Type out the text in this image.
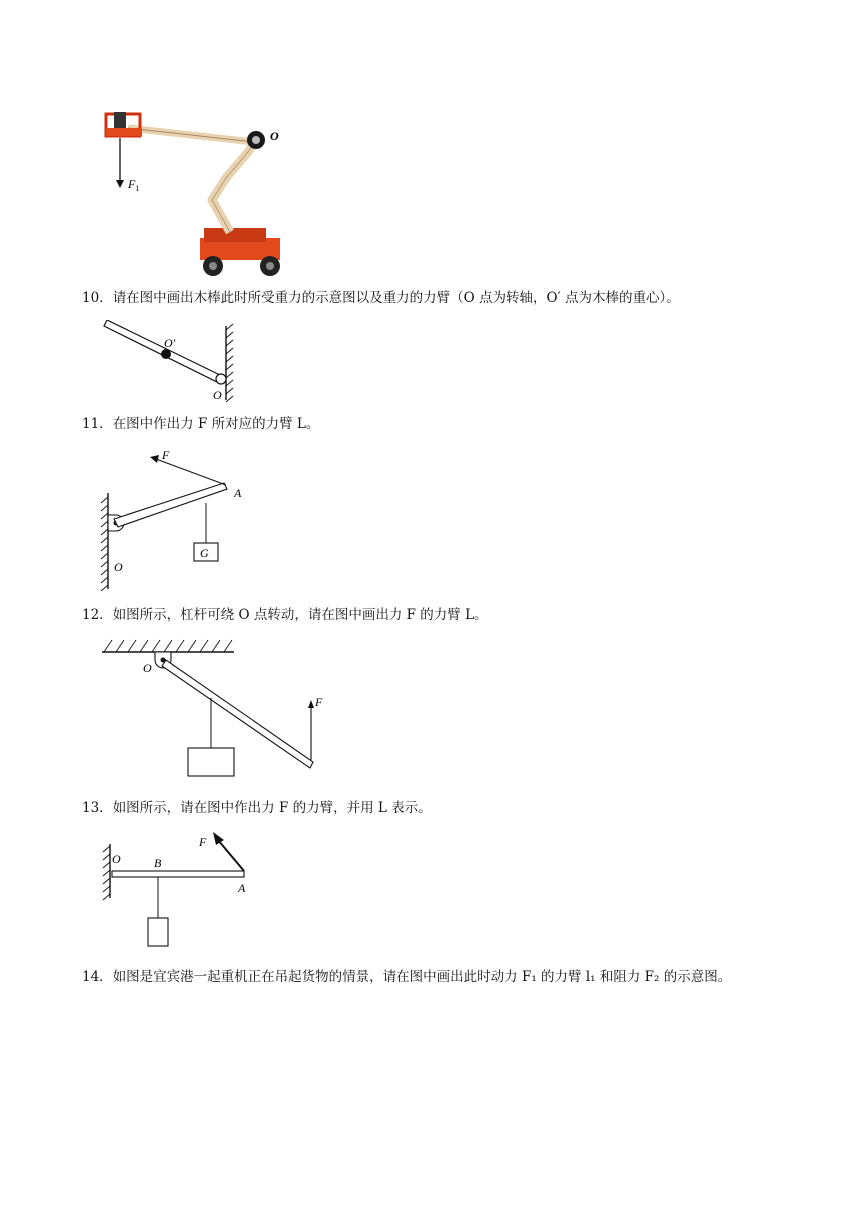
$F_1$
O
10．请在图中画出木棒此时所受重力的示意图以及重力的力臂（O 点为转轴，O′ 点为木棒的重心）。
O′
O
11．在图中作出力 F 所对应的力臂 L。
G
F
A
O
12．如图所示，杠杆可绕 O 点转动，请在图中画出力 F 的力臂 L。
F
O
13．如图所示，请在图中作出力 F 的力臂，并用 L 表示。
F
O	B
A
14．如图是宜宾港一起重机正在吊起货物的情景，请在图中画出此时动力 F₁ 的力臂 l₁ 和阻力 F₂ 的示意图。
